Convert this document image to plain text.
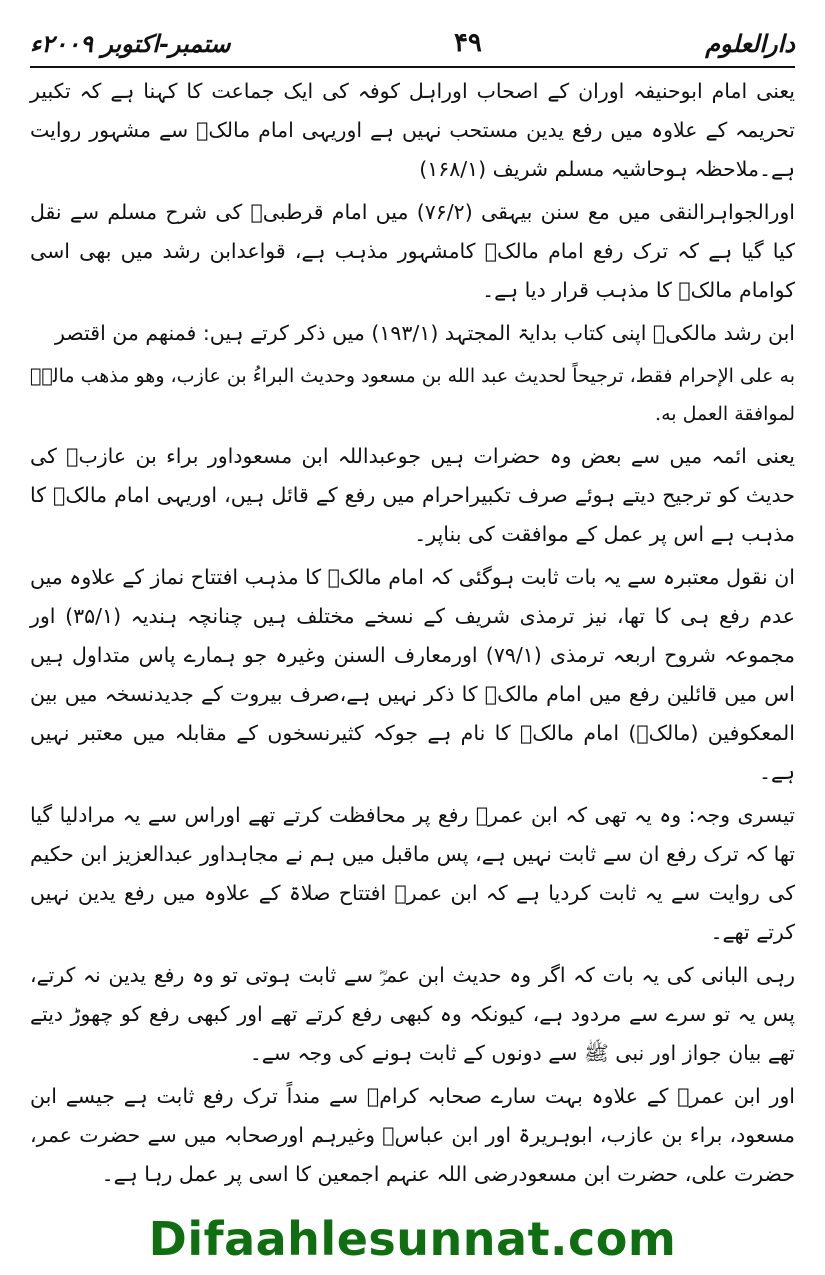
ستمبر-اکتوبر ۲۰۰۹ء	۴۹	دارالعلوم

یعنی امام ابوحنیفہ اوران کے اصحاب اوراہل کوفہ کی ایک جماعت کا کہنا ہے کہ تکبیر تحریمہ کے علاوہ میں رفع یدین مستحب نہیں ہے اوریہی امام مالکؒ سے مشہور روایت ہے۔ملاحظہ ہوحاشیہ مسلم شریف (۱۶۸/۱)

اورالجواہرالنقی میں مع سنن بیہقی (۷۶/۲) میں امام قرطبیؒ کی شرح مسلم سے نقل کیا گیا ہے کہ ترک رفع امام مالکؒ کامشہور مذہب ہے، قواعدابن رشد میں بھی اسی کوامام مالکؒ کا مذہب قرار دیا ہے۔

ابن رشد مالکیؒ اپنی کتاب بدایۃ المجتہد (۱۹۳/۱) میں ذکر کرتے ہیں: فمنهم من اقتصر

به على الإحرام فقط، ترجيحاً لحديث عبد الله بن مسعود وحديث البراءُ بن عازب، وهو مذهب مالكؒ لموافقة العمل به.

یعنی ائمہ میں سے بعض وہ حضرات ہیں جوعبداللہ ابن مسعوداور براء بن عازبؓ کی حدیث کو ترجیح دیتے ہوئے صرف تکبیراحرام میں رفع کے قائل ہیں، اوریہی امام مالکؒ کا مذہب ہے اس پر عمل کے موافقت کی بناپر۔

ان نقول معتبرہ سے یہ بات ثابت ہوگئی کہ امام مالکؒ کا مذہب افتتاح نماز کے علاوہ میں عدم رفع ہی کا تھا، نیز ترمذی شریف کے نسخے مختلف ہیں چنانچہ ہندیہ (۳۵/۱) اور مجموعہ شروح اربعہ ترمذی (۷۹/۱) اورمعارف السنن وغیرہ جو ہمارے پاس متداول ہیں اس میں قائلین رفع میں امام مالکؒ کا ذکر نہیں ہے،صرف بیروت کے جدیدنسخہ میں بین المعکوفین (مالکؒ) امام مالکؒ کا نام ہے جوکہ کثیرنسخوں کے مقابلہ میں معتبر نہیں ہے۔

تیسری وجہ: وہ یہ تھی کہ ابن عمرؓ رفع پر محافظت کرتے تھے اوراس سے یہ مرادلیا گیا تھا کہ ترک رفع ان سے ثابت نہیں ہے، پس ماقبل میں ہم نے مجاہداور عبدالعزیز ابن حکیم کی روایت سے یہ ثابت کردیا ہے کہ ابن عمرؓ افتتاح صلاۃ کے علاوہ میں رفع یدین نہیں کرتے تھے۔

رہی البانی کی یہ بات کہ اگر وہ حدیث ابن عمرؓ سے ثابت ہوتی تو وہ رفع یدین نہ کرتے، پس یہ تو سرے سے مردود ہے، کیونکہ وہ کبھی رفع کرتے تھے اور کبھی رفع کو چھوڑ دیتے تھے بیان جواز اور نبی ﷺ سے دونوں کے ثابت ہونے کی وجہ سے۔

اور ابن عمرؓ کے علاوہ بہت سارے صحابہ کرامؓ سے منداً ترک رفع ثابت ہے جیسے ابن مسعود، براء بن عازب، ابوہریرۃ اور ابن عباسؓ وغیرہم اورصحابہ میں سے حضرت عمر، حضرت علی، حضرت ابن مسعودرضی اللہ عنہم اجمعین کا اسی پر عمل رہا ہے۔

Difaahlesunnat.com
